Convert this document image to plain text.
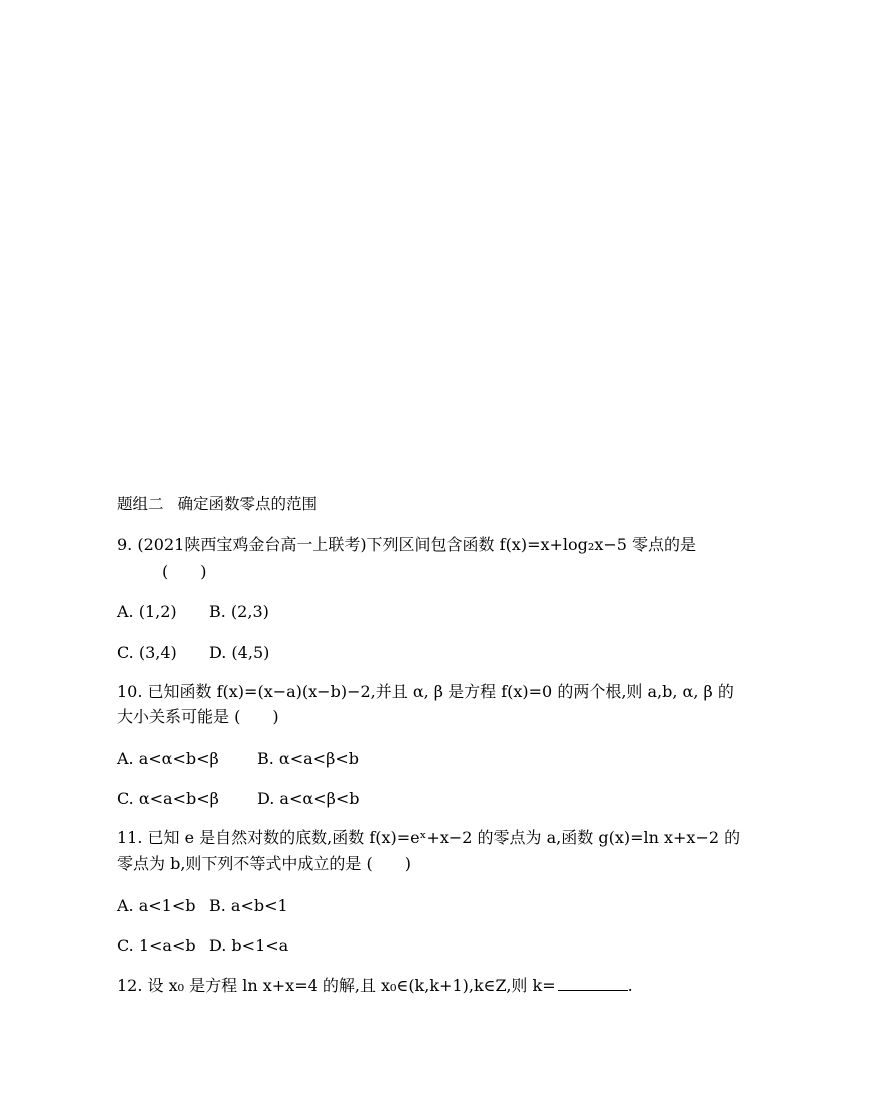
题组二 确定函数零点的范围
9. (2021陕西宝鸡金台高一上联考)下列区间包含函数 f(x)=x+log₂x−5 零点的是
(　　)
A. (1,2) B. (2,3)
C. (3,4) D. (4,5)
10. 已知函数 f(x)=(x−a)(x−b)−2,并且 α, β 是方程 f(x)=0 的两个根,则 a,b, α, β 的
大小关系可能是 (　　)
A. a<α<b<β B. α<a<β<b
C. α<a<b<β D. a<α<β<b
11. 已知 e 是自然对数的底数,函数 f(x)=eˣ+x−2 的零点为 a,函数 g(x)=ln x+x−2 的
零点为 b,则下列不等式中成立的是 (　　)
A. a<1<b B. a<b<1
C. 1<a<b D. b<1<a
12. 设 x₀ 是方程 ln x+x=4 的解,且 x₀∈(k,k+1),k∈Z,则 k=	.
